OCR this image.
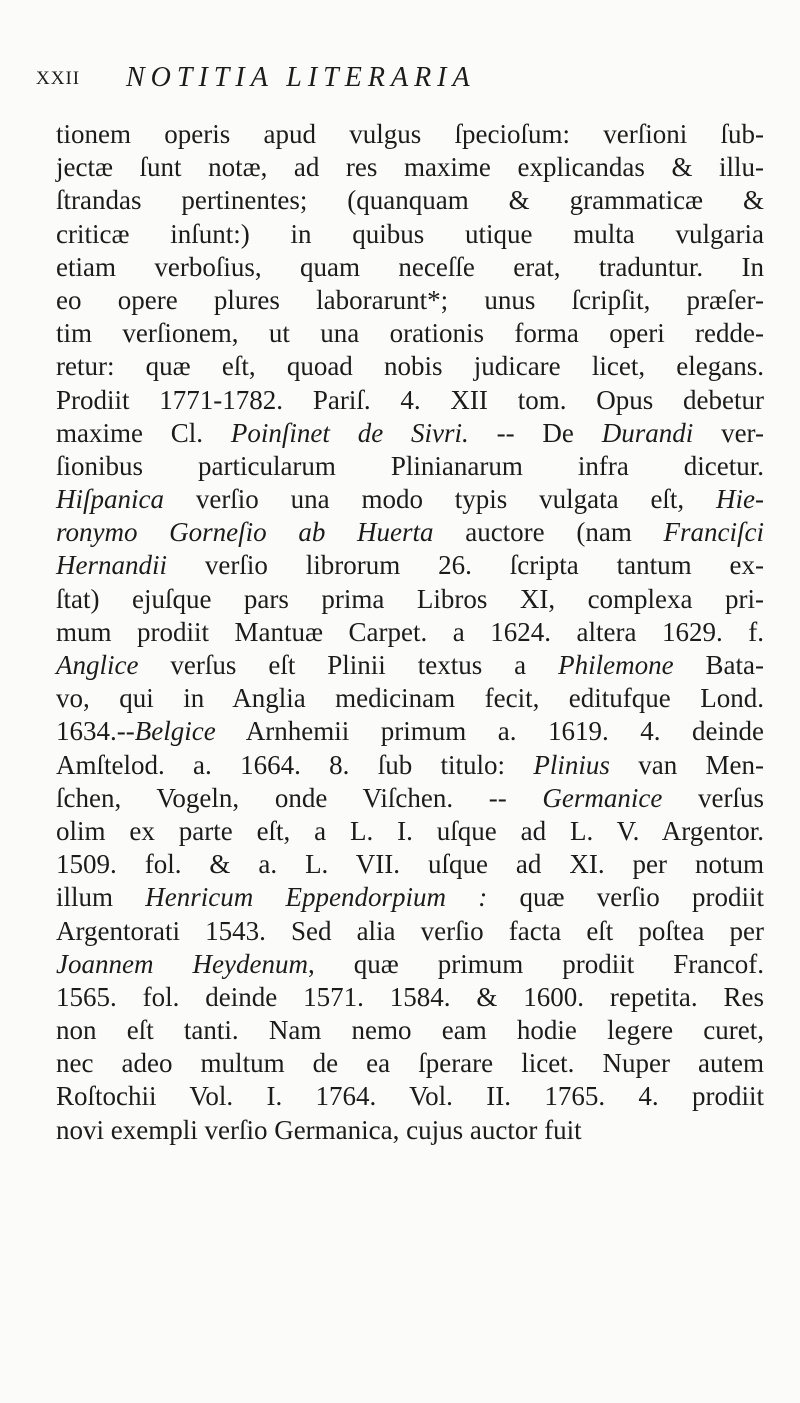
XXII NOTITIA LITERARIA
tionem operis apud vulgus ſpecioſum: verſioni ſub-
jectæ ſunt notæ, ad res maxime explicandas & illu-
ſtrandas pertinentes; (quanquam & grammaticæ &
criticæ inſunt:) in quibus utique multa vulgaria
etiam verboſius, quam neceſſe erat, traduntur. In
eo opere plures laborarunt*; unus ſcripſit, præſer-
tim verſionem, ut una orationis forma operi redde-
retur: quæ eſt, quoad nobis judicare licet, elegans.
Prodiit 1771-1782. Pariſ. 4. XII tom. Opus debetur
maxime Cl. Poinſinet de Sivri. -- De Durandi ver-
ſionibus particularum Plinianarum infra dicetur.
Hiſpanica verſio una modo typis vulgata eſt, Hie-
ronymo Gorneſio ab Huerta auctore (nam Franciſci
Hernandii verſio librorum 26. ſcripta tantum ex-
ſtat) ejuſque pars prima Libros XI, complexa pri-
mum prodiit Mantuæ Carpet. a 1624. altera 1629. f.
Anglice verſus eſt Plinii textus a Philemone Bata-
vo, qui in Anglia medicinam fecit, editufque Lond.
1634.--Belgice Arnhemii primum a. 1619. 4. deinde
Amſtelod. a. 1664. 8. ſub titulo: Plinius van Men-
ſchen, Vogeln, onde Viſchen. -- Germanice verſus
olim ex parte eſt, a L. I. uſque ad L. V. Argentor.
1509. fol. & a. L. VII. uſque ad XI. per notum
illum Henricum Eppendorpium : quæ verſio prodiit
Argentorati 1543. Sed alia verſio facta eſt poſtea per
Joannem Heydenum, quæ primum prodiit Francof.
1565. fol. deinde 1571. 1584. & 1600. repetita. Res
non eſt tanti. Nam nemo eam hodie legere curet,
nec adeo multum de ea ſperare licet. Nuper autem
Roſtochii Vol. I. 1764. Vol. II. 1765. 4. prodiit
novi exempli verſio Germanica, cujus auctor fuit
